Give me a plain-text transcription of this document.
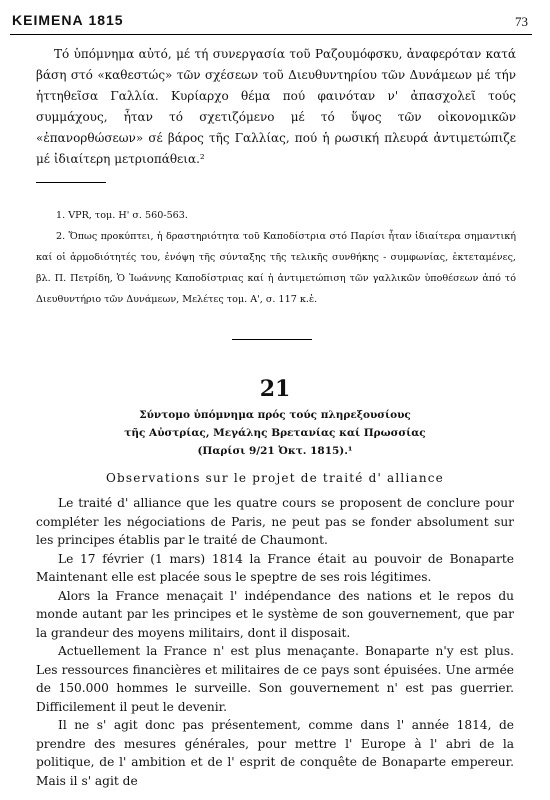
ΚΕΙΜΕΝΑ 1815	73

Τό ὑπόμνημα αὐτό, μέ τή συνεργασία τοῦ Ραζουμόφσκυ, ἀναφερόταν κατά βάση στό «καθεστώς» τῶν σχέσεων τοῦ Διευθυντηρίου τῶν Δυνάμεων μέ τήν ἡττηθεῖσα Γαλλία. Κυρίαρχο θέμα πού φαινόταν ν' ἀπασχολεῖ τούς συμμάχους, ἦταν τό σχετιζόμενο μέ τό ὕψος τῶν οἰκονομικῶν «ἐπανορθώσεων» σέ βάρος τῆς Γαλλίας, πού ἡ ρωσική πλευρά ἀντιμετώπιζε μέ ἰδιαίτερη μετριοπάθεια.²

1. VPR, τομ. Η' σ. 560-563.

2. Ὅπως προκύπτει, ἡ δραστηριότητα τοῦ Καποδίστρια στό Παρίσι ἦταν ἰδιαίτερα σημαντική καί οἱ ἁρμοδιότητές του, ἐνόψη τῆς σύνταξης τῆς τελικῆς συνθήκης - συμφωνίας, ἐκτεταμένες, βλ. Π. Πετρίδη, Ὁ Ἰωάννης Καποδίστριας καί ἡ ἀντιμετώπιση τῶν γαλλικῶν ὑποθέσεων ἀπό τό Διευθυντήριο τῶν Δυνάμεων, Μελέτες τομ. Α', σ. 117 κ.ἑ.

21
Σύντομο ὑπόμνημα πρός τούς πληρεξουσίους
τῆς Αὐστρίας, Μεγάλης Βρετανίας καί Πρωσσίας
(Παρίσι 9/21 Ὀκτ. 1815).¹
Observations sur le projet de traité d' alliance

Le traité d' alliance que les quatre cours se proposent de conclure pour compléter les négociations de Paris, ne peut pas se fonder absolument sur les principes établis par le traité de Chaumont.

Le 17 février (1 mars) 1814 la France était au pouvoir de Bonaparte Maintenant elle est placée sous le speptre de ses rois légitimes.

Alors la France menaçait l' indépendance des nations et le repos du monde autant par les principes et le système de son gouvernement, que par la grandeur des moyens militairs, dont il disposait.

Actuellement la France n' est plus menaçante. Bonaparte n'y est plus. Les ressources financières et militaires de ce pays sont épuisées. Une armée de 150.000 hommes le surveille. Son gouvernement n' est pas guerrier. Difficilement il peut le devenir.

Il ne s' agit donc pas présentement, comme dans l' année 1814, de prendre des mesures générales, pour mettre l' Europe à l' abri de la politique, de l' ambition et de l' esprit de conquête de Bonaparte empereur. Mais il s' agit de
